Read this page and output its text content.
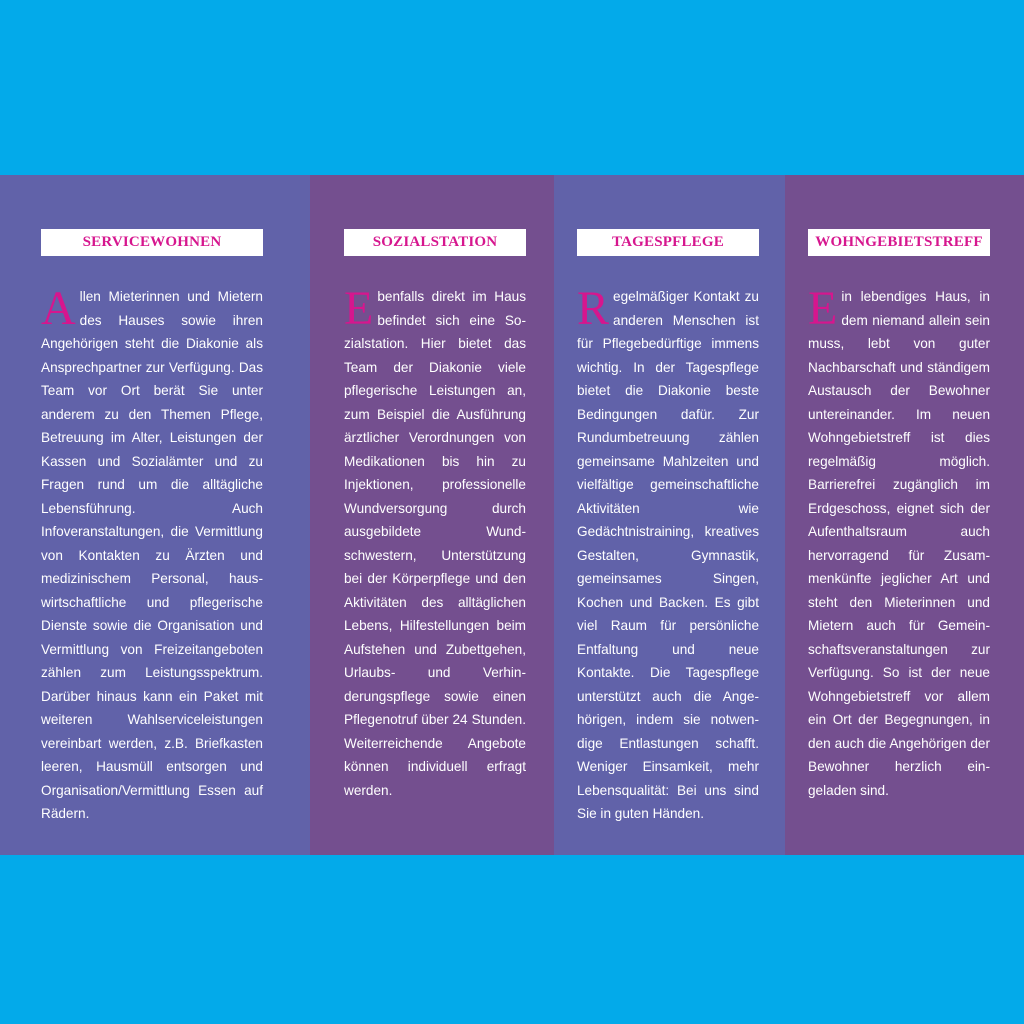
SERVICEWOHNEN
Allen Mieterinnen und Mietern des Hauses sowie ihren Angehörigen steht die Diakonie als Ansprechpartner zur Verfügung. Das Team vor Ort berät Sie unter anderem zu den Themen Pflege, Betreuung im Alter, Leistungen der Kassen und Sozialämter und zu Fragen rund um die alltägliche Lebensführung. Auch Infoveranstaltungen, die Vermittlung von Kontakten zu Ärzten und medizinischem Personal, hauswirtschaftliche und pflegerische Dienste sowie die Organisation und Vermittlung von Freizeitangeboten zählen zum Leistungsspektrum. Darüber hinaus kann ein Paket mit weiteren Wahlserviceleistungen vereinbart werden, z.B. Briefkasten leeren, Hausmüll entsorgen und Organisation/Vermittlung Essen auf Rädern.
SOZIALSTATION
Ebenfalls direkt im Haus befindet sich eine Sozialstation. Hier bietet das Team der Diakonie viele pflegerische Leistungen an, zum Beispiel die Ausführung ärztlicher Verordnungen von Medikationen bis hin zu Injektionen, professionelle Wundversorgung durch ausgebildete Wundschwestern, Unterstützung bei der Körperpflege und den Aktivitäten des alltäglichen Lebens, Hilfestellungen beim Aufstehen und Zubettgehen, Urlaubs- und Verhinderungspflege sowie einen Pflegenotruf über 24 Stunden. Weiterreichende Angebote können individuell erfragt werden.
TAGESPFLEGE
Regelmäßiger Kontakt zu anderen Menschen ist für Pflegebedürftige immens wichtig. In der Tagespflege bietet die Diakonie beste Bedingungen dafür. Zur Rundumbetreuung zählen gemeinsame Mahlzeiten und vielfältige gemeinschaftliche Aktivitäten wie Gedächtnistraining, kreatives Gestalten, Gymnastik, gemeinsames Singen, Kochen und Backen. Es gibt viel Raum für persönliche Entfaltung und neue Kontakte. Die Tagespflege unterstützt auch die Angehörigen, indem sie notwendige Entlastungen schafft. Weniger Einsamkeit, mehr Lebensqualität: Bei uns sind Sie in guten Händen.
WOHNGEBIETSTREFF
Ein lebendiges Haus, in dem niemand allein sein muss, lebt von guter Nachbarschaft und ständigem Austausch der Bewohner untereinander. Im neuen Wohngebietstreff ist dies regelmäßig möglich. Barrierefrei zugänglich im Erdgeschoss, eignet sich der Aufenthaltsraum auch hervorragend für Zusammenkünfte jeglicher Art und steht den Mieterinnen und Mietern auch für Gemeinschaftsveranstaltungen zur Verfügung. So ist der neue Wohngebietstreff vor allem ein Ort der Begegnungen, in den auch die Angehörigen der Bewohner herzlich eingeladen sind.
